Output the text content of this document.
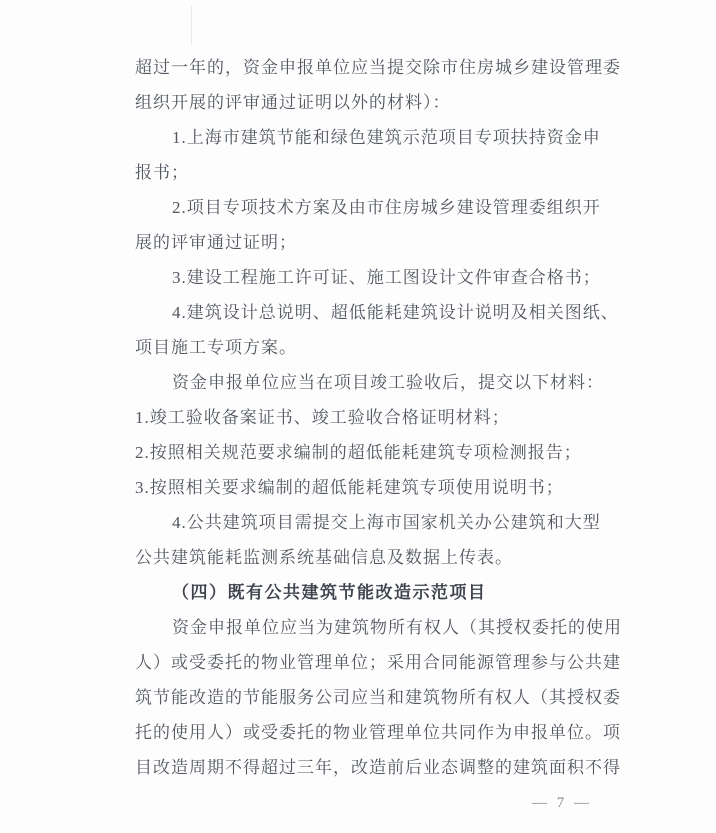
超过一年的，资金申报单位应当提交除市住房城乡建设管理委
组织开展的评审通过证明以外的材料）：
1.上海市建筑节能和绿色建筑示范项目专项扶持资金申
报书；
2.项目专项技术方案及由市住房城乡建设管理委组织开
展的评审通过证明；
3.建设工程施工许可证、施工图设计文件审查合格书；
4.建筑设计总说明、超低能耗建筑设计说明及相关图纸、
项目施工专项方案。
资金申报单位应当在项目竣工验收后，提交以下材料：
1.竣工验收备案证书、竣工验收合格证明材料；
2.按照相关规范要求编制的超低能耗建筑专项检测报告；
3.按照相关要求编制的超低能耗建筑专项使用说明书；
4.公共建筑项目需提交上海市国家机关办公建筑和大型
公共建筑能耗监测系统基础信息及数据上传表。
（四）既有公共建筑节能改造示范项目
资金申报单位应当为建筑物所有权人（其授权委托的使用
人）或受委托的物业管理单位；采用合同能源管理参与公共建
筑节能改造的节能服务公司应当和建筑物所有权人（其授权委
托的使用人）或受委托的物业管理单位共同作为申报单位。项
目改造周期不得超过三年，改造前后业态调整的建筑面积不得
— 7 —
